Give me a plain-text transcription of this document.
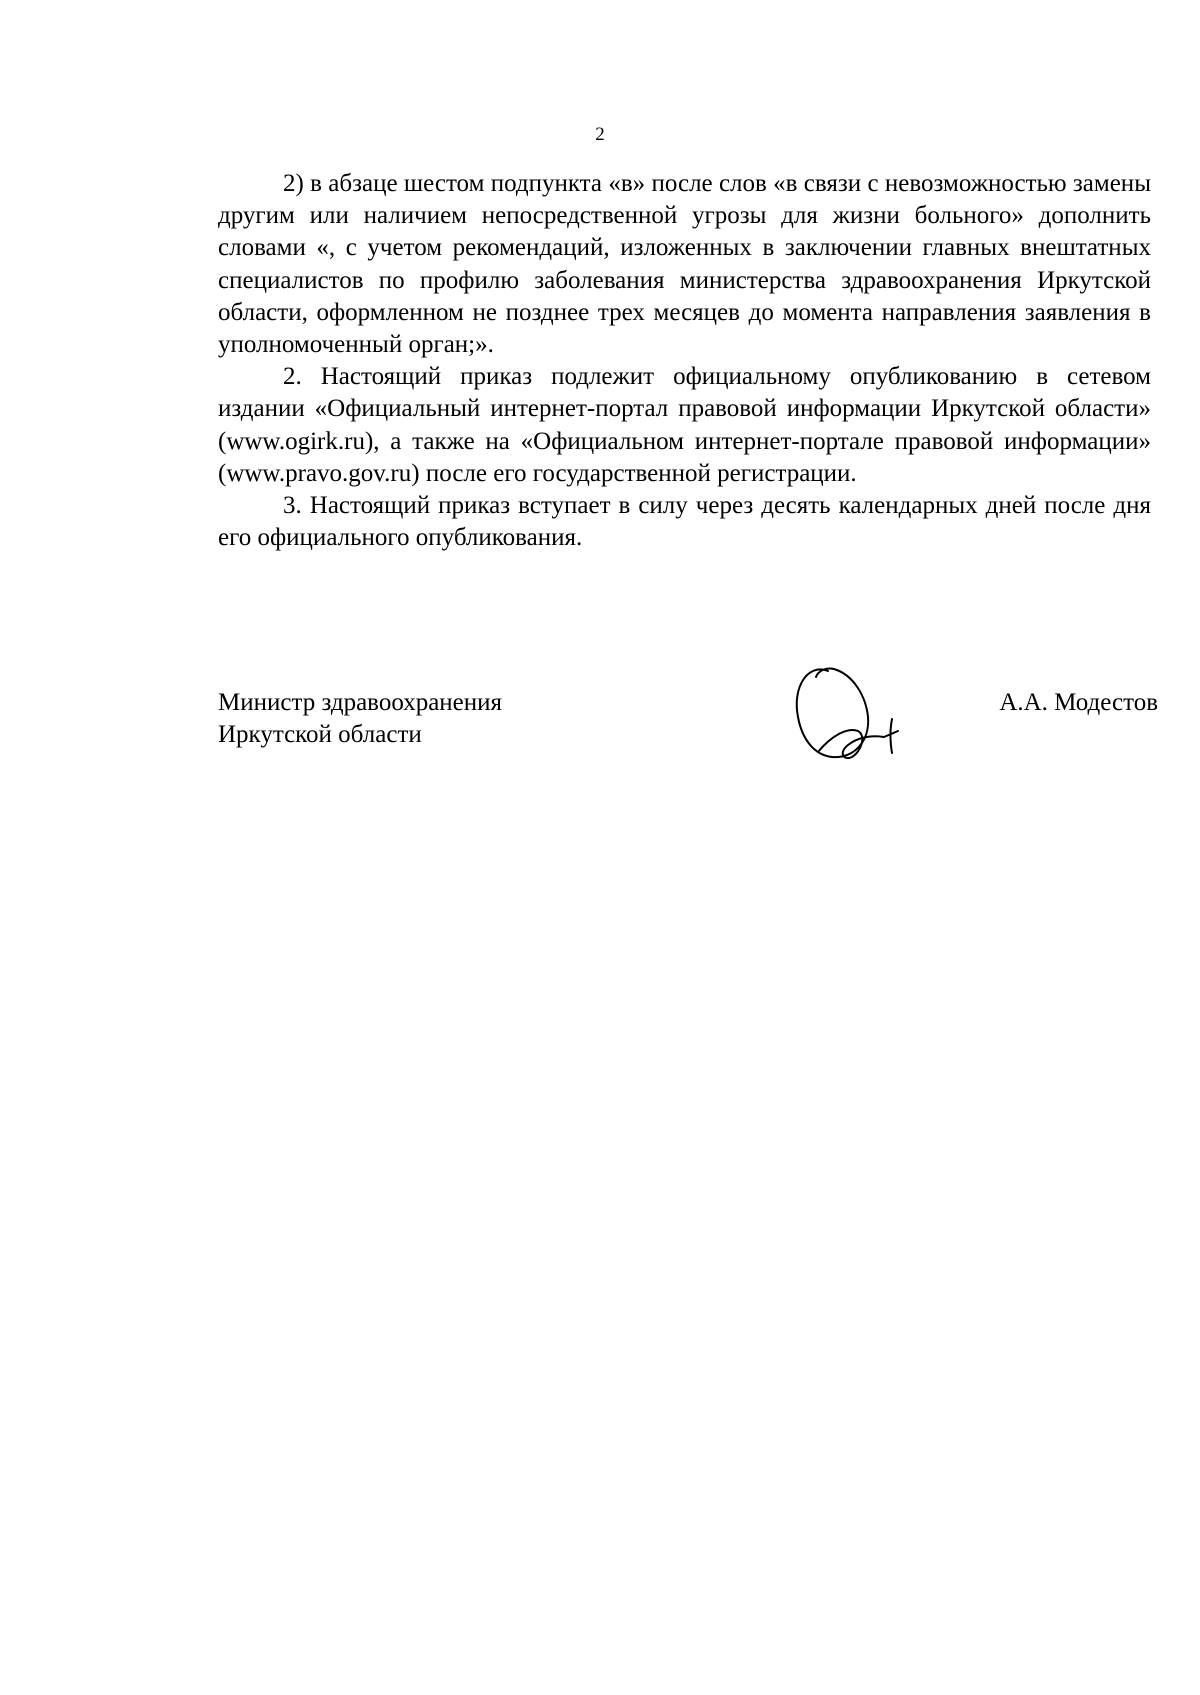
2

2) в абзаце шестом подпункта «в» после слов «в связи с невозможностью замены другим или наличием непосредственной угрозы для жизни больного» дополнить словами «, с учетом рекомендаций, изложенных в заключении главных внештатных специалистов по профилю заболевания министерства здравоохранения Иркутской области, оформленном не позднее трех месяцев до момента направления заявления в уполномоченный орган;».

2. Настоящий приказ подлежит официальному опубликованию в сетевом издании «Официальный интернет-портал правовой информации Иркутской области» (www.ogirk.ru), а также на «Официальном интернет-портале правовой информации» (www.pravo.gov.ru) после его государственной регистрации.

3. Настоящий приказ вступает в силу через десять календарных дней после дня его официального опубликования.

Министр здравоохранения
Иркутской области
А.А. Модестов
